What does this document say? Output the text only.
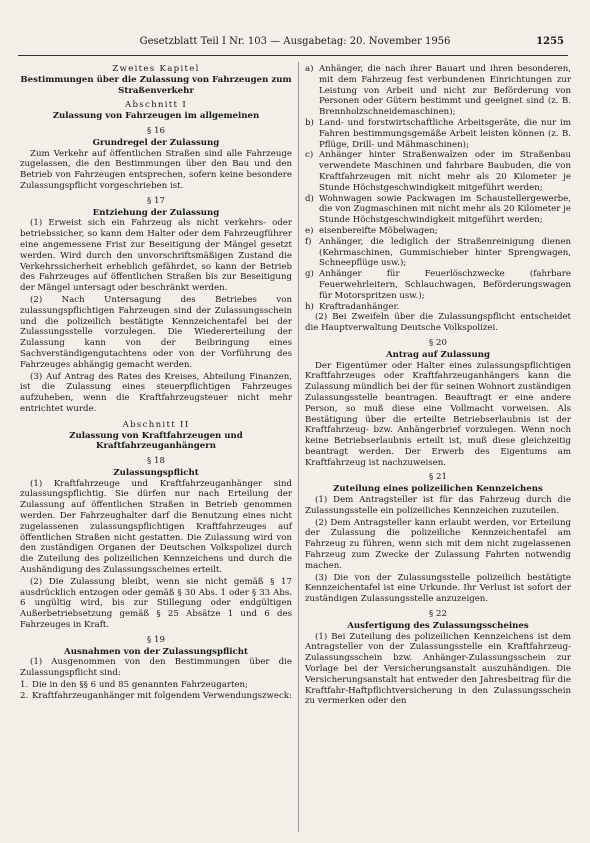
Gesetzblatt Teil I Nr. 103 — Ausgabetag: 20. November 1956	1255
Zweites Kapitel
Bestimmungen über die Zulassung von Fahrzeugen zum Straßenverkehr
Abschnitt I
Zulassung von Fahrzeugen im allgemeinen
§ 16
Grundregel der Zulassung

Zum Verkehr auf öffentlichen Straßen sind alle Fahrzeuge zugelassen, die den Bestimmungen über den Bau und den Betrieb von Fahrzeugen entsprechen, sofern keine besondere Zulassungspflicht vorgeschrieben ist.

§ 17
Entziehung der Zulassung

(1) Erweist sich ein Fahrzeug als nicht verkehrs- oder betriebssicher, so kann dem Halter oder dem Fahrzeugführer eine angemessene Frist zur Beseitigung der Mängel gesetzt werden. Wird durch den unvorschriftsmäßigen Zustand die Verkehrssicherheit erheblich gefährdet, so kann der Betrieb des Fahrzeuges auf öffentlichen Straßen bis zur Beseitigung der Mängel untersagt oder beschränkt werden.

(2) Nach Untersagung des Betriebes von zulassungspflichtigen Fahrzeugen sind der Zulassungsschein und die polizeilich bestätigte Kennzeichentafel bei der Zulassungsstelle vorzulegen. Die Wiedererteilung der Zulassung kann von der Beibringung eines Sachverständigengutachtens oder von der Vorführung des Fahrzeuges abhängig gemacht werden.

(3) Auf Antrag des Rates des Kreises, Abteilung Finanzen, ist die Zulassung eines steuerpflichtigen Fahrzeuges aufzuheben, wenn die Kraftfahrzeugsteuer nicht mehr entrichtet wurde.

Abschnitt II
Zulassung von Kraftfahrzeugen und Kraftfahrzeuganhängern
§ 18
Zulassungspflicht

(1) Kraftfahrzeuge und Kraftfahrzeuganhänger sind zulassungspflichtig. Sie dürfen nur nach Erteilung der Zulassung auf öffentlichen Straßen in Betrieb genommen werden. Der Fahrzeughalter darf die Benutzung eines nicht zugelassenen zulassungspflichtigen Kraftfahrzeuges auf öffentlichen Straßen nicht gestatten. Die Zulassung wird von den zuständigen Organen der Deutschen Volkspolizei durch die Zuteilung des polizeilichen Kennzeichens und durch die Aushändigung des Zulassungsscheines erteilt.

(2) Die Zulassung bleibt, wenn sie nicht gemäß § 17 ausdrücklich entzogen oder gemäß § 30 Abs. 1 oder § 33 Abs. 6 ungültig wird, bis zur Stillegung oder endgültigen Außerbetriebsetzung gemäß § 25 Absätze 1 und 6 des Fahrzeuges in Kraft.

§ 19
Ausnahmen von der Zulassungspflicht

(1) Ausgenommen von den Bestimmungen über die Zulassungspflicht sind:

1. Die in den §§ 6 und 85 genannten Fahrzeugarten;
2. Kraftfahrzeuganhänger mit folgendem Verwendungszweck:
a) Anhänger, die nach ihrer Bauart und ihren besonderen, mit dem Fahrzeug fest verbundenen Einrichtungen zur Leistung von Arbeit und nicht zur Beförderung von Personen oder Gütern bestimmt und geeignet sind (z. B. Brennholzschneidemaschinen);
b) Land- und forstwirtschaftliche Arbeitsgeräte, die nur im Fahren bestimmungsgemäße Arbeit leisten können (z. B. Pflüge, Drill- und Mähmaschinen);
c) Anhänger hinter Straßenwalzen oder im Straßenbau verwendete Maschinen und fahrbare Baubuden, die von Kraftfahrzeugen mit nicht mehr als 20 Kilometer je Stunde Höchstgeschwindigkeit mitgeführt werden;
d) Wohnwagen sowie Packwagen im Schaustellergewerbe, die von Zugmaschinen mit nicht mehr als 20 Kilometer je Stunde Höchstgeschwindigkeit mitgeführt werden;
e) eisenbereifte Möbelwagen;
f) Anhänger, die lediglich der Straßenreinigung dienen (Kehrmaschinen, Gummischieber hinter Sprengwagen, Schneepflüge usw.);
g) Anhänger für Feuerlöschzwecke (fahrbare Feuerwehrleitern, Schlauchwagen, Beförderungswagen für Motorspritzen usw.);
h) Kraftradanhänger.

(2) Bei Zweifeln über die Zulassungspflicht entscheidet die Hauptverwaltung Deutsche Volkspolizei.

§ 20
Antrag auf Zulassung

Der Eigentümer oder Halter eines zulassungspflichtigen Kraftfahrzeuges oder Kraftfahrzeuganhängers kann die Zulassung mündlich bei der für seinen Wohnort zuständigen Zulassungsstelle beantragen. Beauftragt er eine andere Person, so muß diese eine Vollmacht vorweisen. Als Bestätigung über die erteilte Betriebserlaubnis ist der Kraftfahrzeug- bzw. Anhängerbrief vorzulegen. Wenn noch keine Betriebserlaubnis erteilt ist, muß diese gleichzeitig beantragt werden. Der Erwerb des Eigentums am Kraftfahrzeug ist nachzuweisen.

§ 21
Zuteilung eines polizeilichen Kennzeichens

(1) Dem Antragsteller ist für das Fahrzeug durch die Zulassungsstelle ein polizeiliches Kennzeichen zuzuteilen.

(2) Dem Antragsteller kann erlaubt werden, vor Erteilung der Zulassung die polizeiliche Kennzeichentafel am Fahrzeug zu führen, wenn sich mit dem nicht zugelassenen Fahrzeug zum Zwecke der Zulassung Fahrten notwendig machen.

(3) Die von der Zulassungsstelle polizeilich bestätigte Kennzeichentafel ist eine Urkunde. Ihr Verlust ist sofort der zuständigen Zulassungsstelle anzuzeigen.

§ 22
Ausfertigung des Zulassungsscheines

(1) Bei Zuteilung des polizeilichen Kennzeichens ist dem Antragsteller von der Zulassungsstelle ein Kraftfahrzeug-Zulassungsschein bzw. Anhänger-Zulassungsschein zur Vorlage bei der Versicherungsanstalt auszuhändigen. Die Versicherungsanstalt hat entweder den Jahresbeitrag für die Kraftfahr-Haftpflichtversicherung in den Zulassungsschein zu vermerken oder den
